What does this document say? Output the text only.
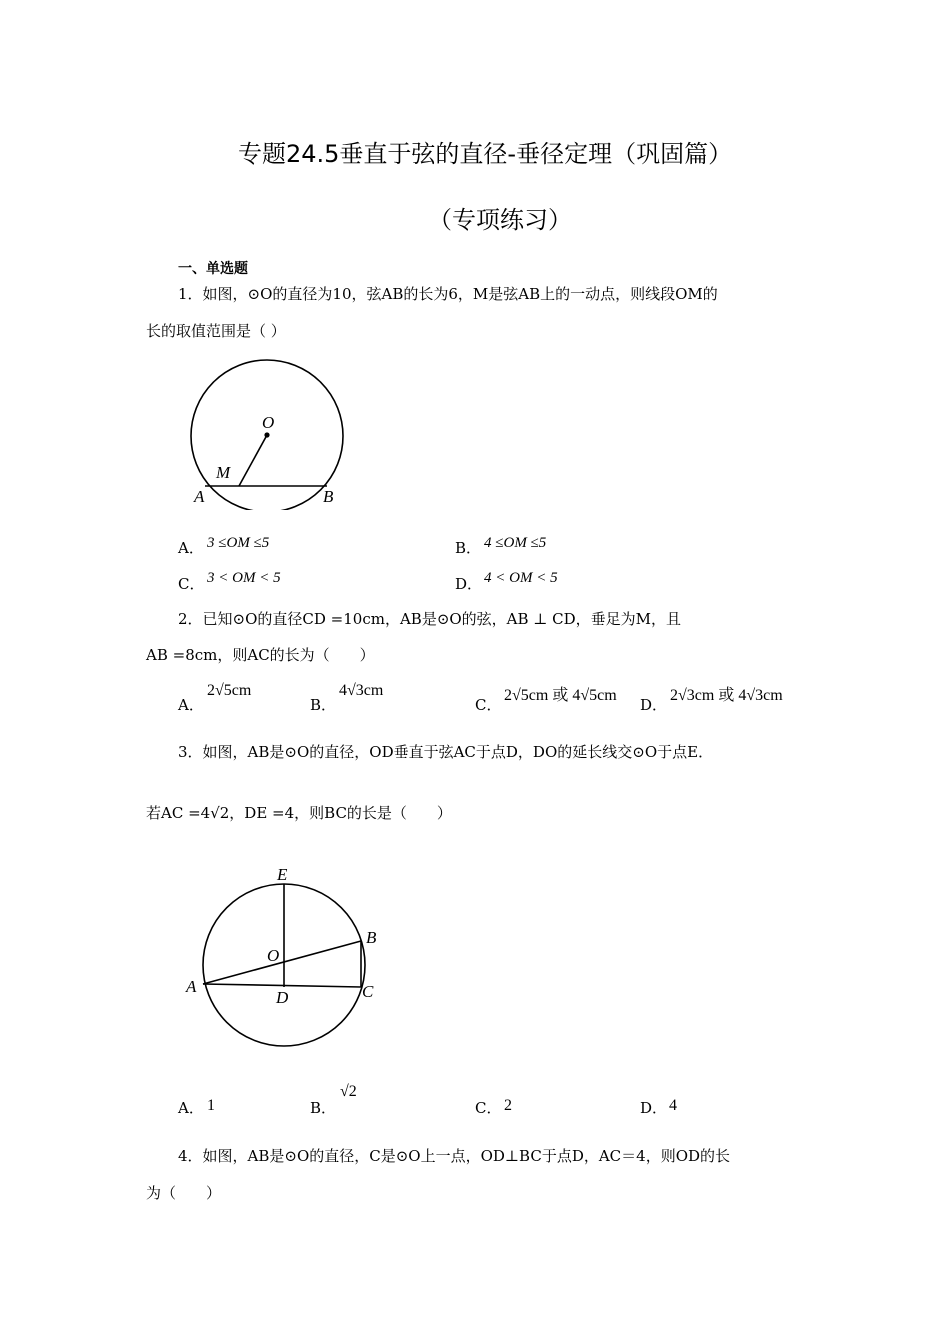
专题24.5垂直于弦的直径-垂径定理（巩固篇）
（专项练习）
一、单选题
1．如图，⊙O的直径为10，弦AB的长为6，M是弦AB上的一动点，则线段OM的
长的取值范围是（ ）
O
M
A	B
A． 3 ≤OM ≤5	B． 4 ≤OM ≤5
C． 3 < OM < 5	D． 4 < OM < 5
2．已知⊙O的直径CD =10cm，AB是⊙O的弦，AB ⊥ CD，垂足为M，且
AB =8cm，则AC的长为（　　）
A．
2√5cm
B．
4√3cm
C．
2√5cm 或 4√5cm
D．
2√3cm 或 4√3cm
3．如图，AB是⊙O的直径，OD垂直于弦AC于点D，DO的延长线交⊙O于点E．
若AC =4√2，DE =4，则BC的长是（　　）
E
O
B
A
D	C
A． 1	B．
√2
C． 2	D． 4
4．如图，AB是⊙O的直径，C是⊙O上一点，OD⊥BC于点D，AC＝4，则OD的长
为（　　）
